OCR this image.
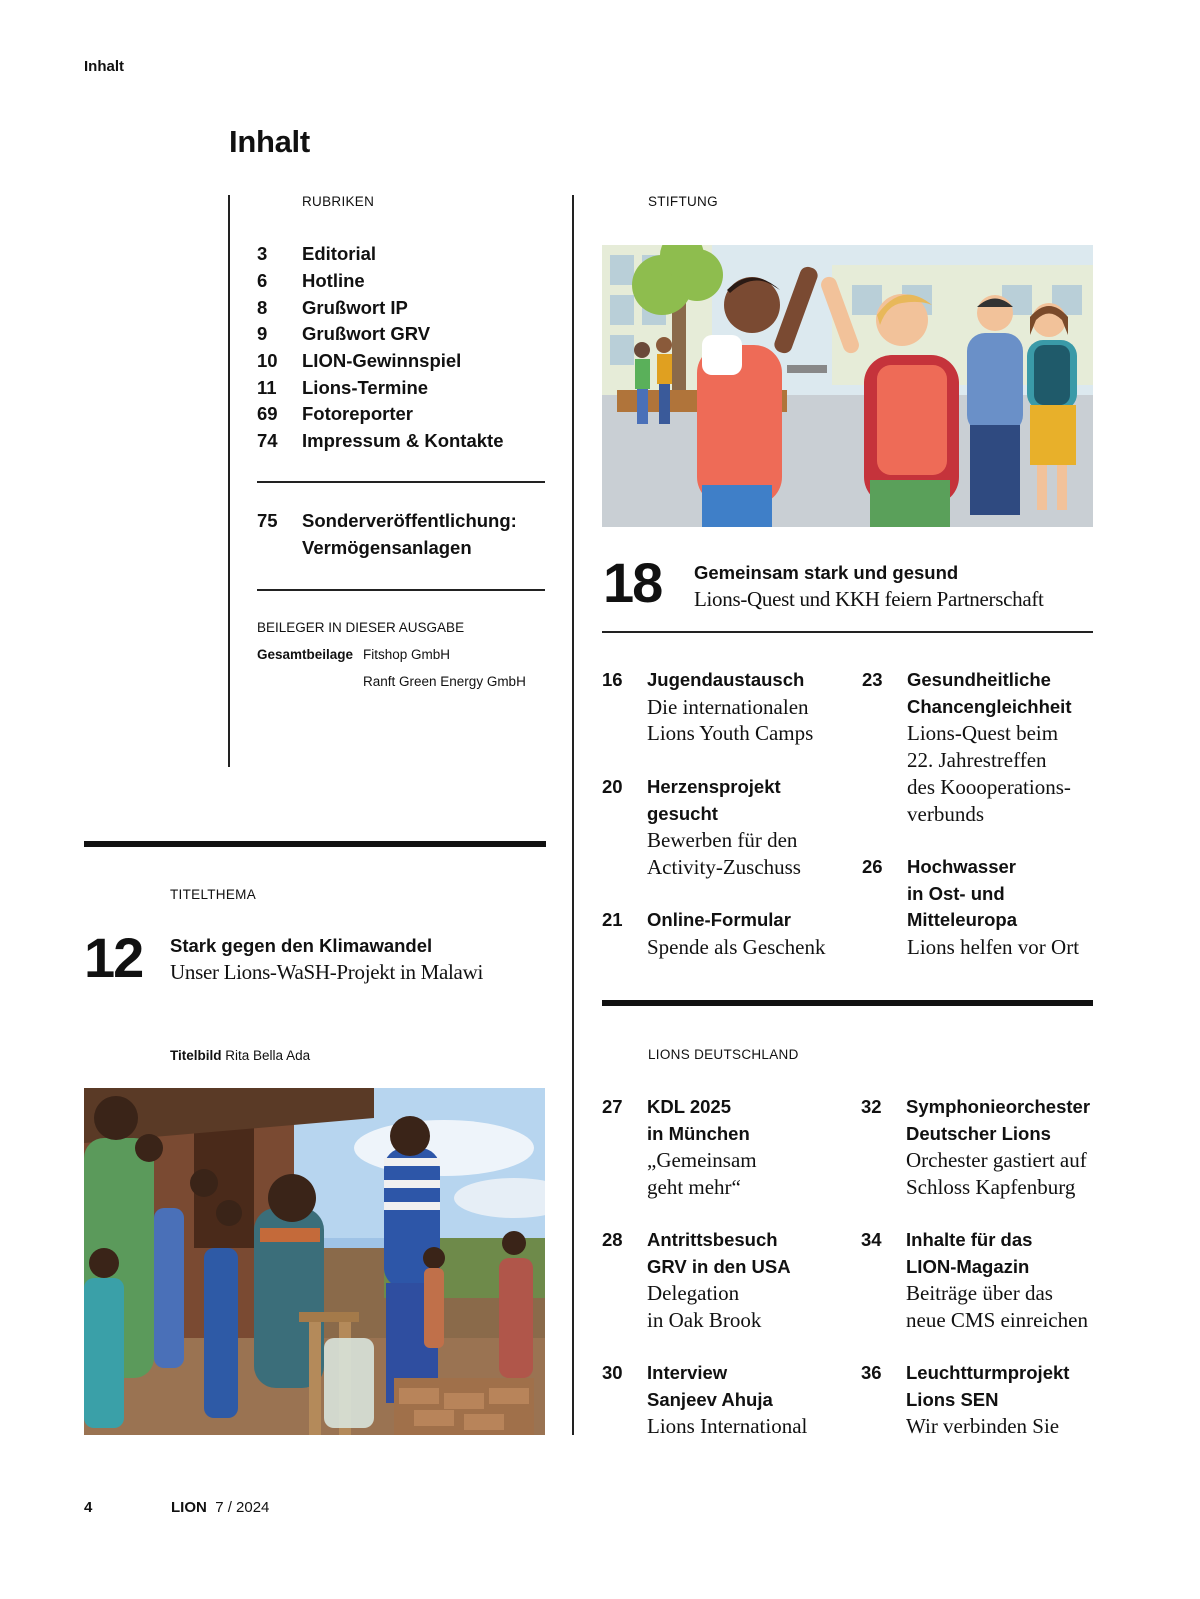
Inhalt
Inhalt
RUBRIKEN
3	Editorial
6	Hotline
8	Grußwort IP
9	Grußwort GRV
10	LION-Gewinnspiel
11	Lions-Termine
69	Fotoreporter
74	Impressum & Kontakte
75	Sonderveröffentlichung:
Vermögensanlagen
BEILEGER IN DIESER AUSGABE
Gesamtbeilage Fitshop GmbH
Ranft Green Energy GmbH
TITELTHEMA
12 Stark gegen den Klimawandel
Unser Lions-WaSH-Projekt in Malawi
Titelbild Rita Bella Ada
STIFTUNG
18 Gemeinsam stark und gesund
Lions-Quest und KKH feiern Partnerschaft
16	Jugendaustausch
Die internationalen
Lions Youth Camps
20	Herzensprojekt
gesucht
Bewerben für den
Activity-Zuschuss
21	Online-Formular
Spende als Geschenk
23	Gesundheitliche
Chancengleichheit
Lions-Quest beim
22. Jahrestreffen
des Koooperations-
verbunds
26	Hochwasser
in Ost- und
Mitteleuropa
Lions helfen vor Ort
LIONS DEUTSCHLAND
27	KDL 2025
in München
„Gemeinsam
geht mehr“
28	Antrittsbesuch
GRV in den USA
Delegation
in Oak Brook
30	Interview
Sanjeev Ahuja
Lions International
32	Symphonieorchester
Deutscher Lions
Orchester gastiert auf
Schloss Kapfenburg
34	Inhalte für das
LION-Magazin
Beiträge über das
neue CMS einreichen
36	Leuchtturmprojekt
Lions SEN
Wir verbinden Sie
4	LION 7 / 2024
